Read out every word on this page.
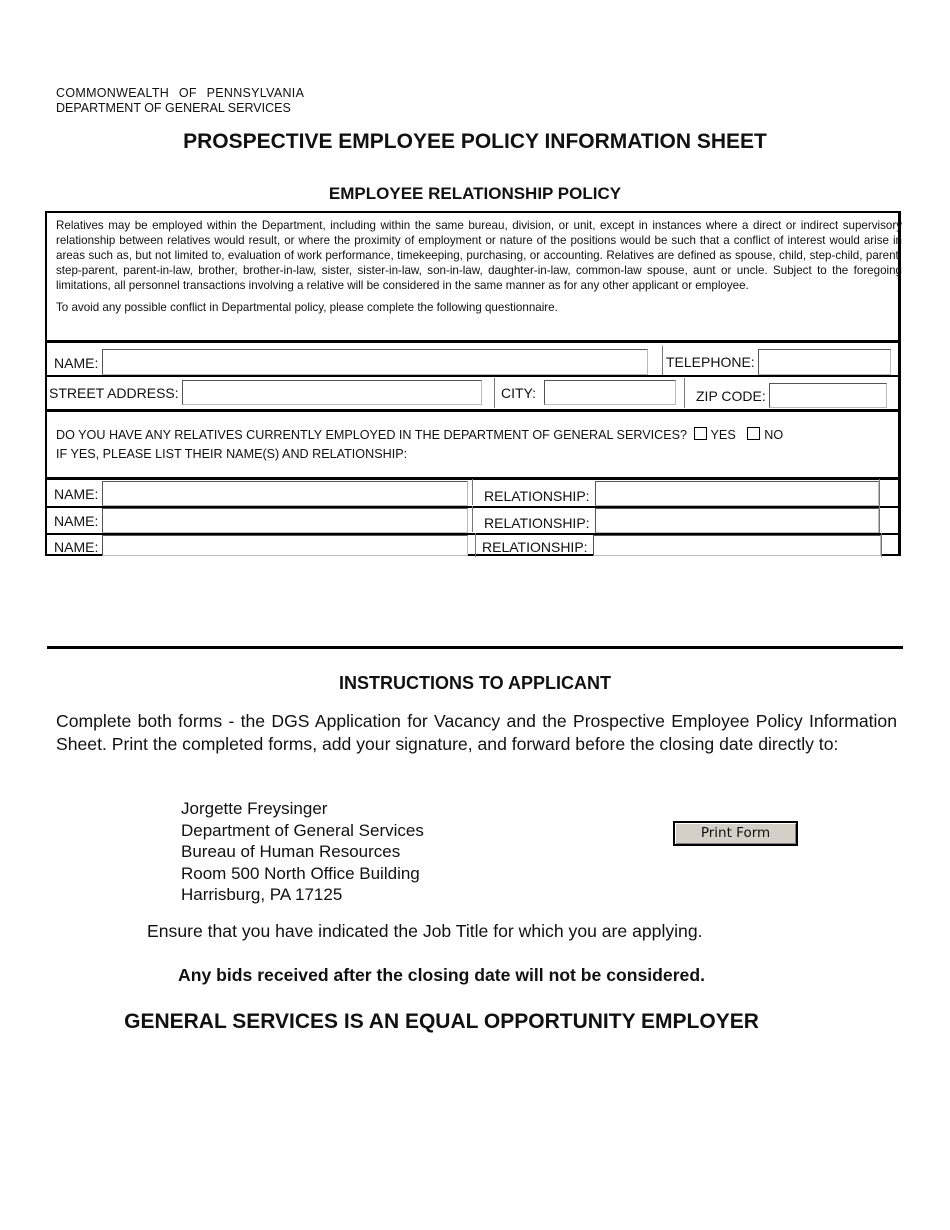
COMMONWEALTH OF PENNSYLVANIA
DEPARTMENT OF GENERAL SERVICES
PROSPECTIVE EMPLOYEE POLICY INFORMATION SHEET
EMPLOYEE RELATIONSHIP POLICY

Relatives may be employed within the Department, including within the same bureau, division, or unit, except in instances where a direct or indirect supervisory relationship between relatives would result, or where the proximity of employment or nature of the positions would be such that a conflict of interest would arise in areas such as, but not limited to, evaluation of work performance, timekeeping, purchasing, or accounting. Relatives are defined as spouse, child, step-child, parent, step-parent, parent-in-law, brother, brother-in-law, sister, sister-in-law, son-in-law, daughter-in-law, common-law spouse, aunt or uncle. Subject to the foregoing limitations, all personnel transactions involving a relative will be considered in the same manner as for any other applicant or employee.

To avoid any possible conflict in Departmental policy, please complete the following questionnaire.

NAME:	TELEPHONE:
STREET ADDRESS:	CITY:	ZIP CODE:
DO YOU HAVE ANY RELATIVES CURRENTLY EMPLOYED IN THE DEPARTMENT OF GENERAL SERVICES? YES NO
IF YES, PLEASE LIST THEIR NAME(S) AND RELATIONSHIP:
NAME:	RELATIONSHIP:
NAME:	RELATIONSHIP:
NAME:	RELATIONSHIP:
INSTRUCTIONS TO APPLICANT
Complete both forms - the DGS Application for Vacancy and the Prospective Employee Policy Information Sheet. Print the completed forms, add your signature, and forward before the closing date directly to:
Jorgette Freysinger
Department of General Services
Bureau of Human Resources
Room 500 North Office Building
Harrisburg, PA 17125
Print Form
Ensure that you have indicated the Job Title for which you are applying.
Any bids received after the closing date will not be considered.
GENERAL SERVICES IS AN EQUAL OPPORTUNITY EMPLOYER
